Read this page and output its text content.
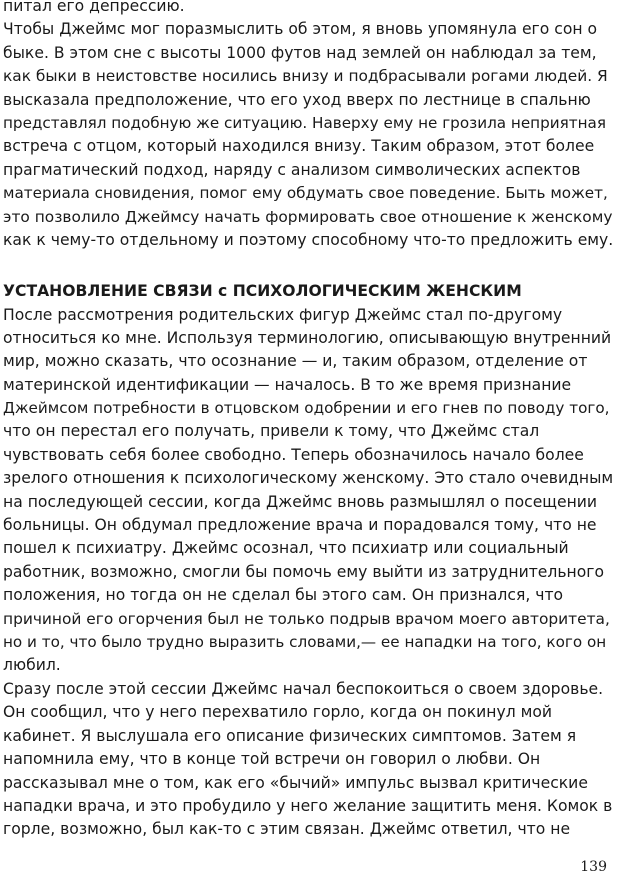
питал его депрессию.
Чтобы Джеймс мог поразмыслить об этом, я вновь упомянула его сон о
быке. В этом сне с высоты 1000 футов над землей он наблюдал за тем,
как быки в неистовстве носились внизу и подбрасывали рогами людей. Я
высказала предположение, что его уход вверх по лестнице в спальню
представлял подобную же ситуацию. Наверху ему не грозила неприятная
встреча с отцом, который находился внизу. Таким образом, этот более
прагматический подход, наряду с анализом символических аспектов
материала сновидения, помог ему обдумать свое поведение. Быть может,
это позволило Джеймсу начать формировать свое отношение к женскому
как к чему-то отдельному и поэтому способному что-то предложить ему.
УСТАНОВЛЕНИЕ СВЯЗИ с ПСИХОЛОГИЧЕСКИМ ЖЕНСКИМ
После рассмотрения родительских фигур Джеймс стал по-другому
относиться ко мне. Используя терминологию, описывающую внутренний
мир, можно сказать, что осознание — и, таким образом, отделение от
материнской идентификации — началось. В то же время признание
Джеймсом потребности в отцовском одобрении и его гнев по поводу того,
что он перестал его получать, привели к тому, что Джеймс стал
чувствовать себя более свободно. Теперь обозначилось начало более
зрелого отношения к психологическому женскому. Это стало очевидным
на последующей сессии, когда Джеймс вновь размышлял о посещении
больницы. Он обдумал предложение врача и порадовался тому, что не
пошел к психиатру. Джеймс осознал, что психиатр или социальный
работник, возможно, смогли бы помочь ему выйти из затруднительного
положения, но тогда он не сделал бы этого сам. Он признался, что
причиной его огорчения был не только подрыв врачом моего авторитета,
но и то, что было трудно выразить словами,— ее нападки на того, кого он
любил.
Сразу после этой сессии Джеймс начал беспокоиться о своем здоровье.
Он сообщил, что у него перехватило горло, когда он покинул мой
кабинет. Я выслушала его описание физических симптомов. Затем я
напомнила ему, что в конце той встречи он говорил о любви. Он
рассказывал мне о том, как его «бычий» импульс вызвал критические
нападки врача, и это пробудило у него желание защитить меня. Комок в
горле, возможно, был как-то с этим связан. Джеймс ответил, что не
139
